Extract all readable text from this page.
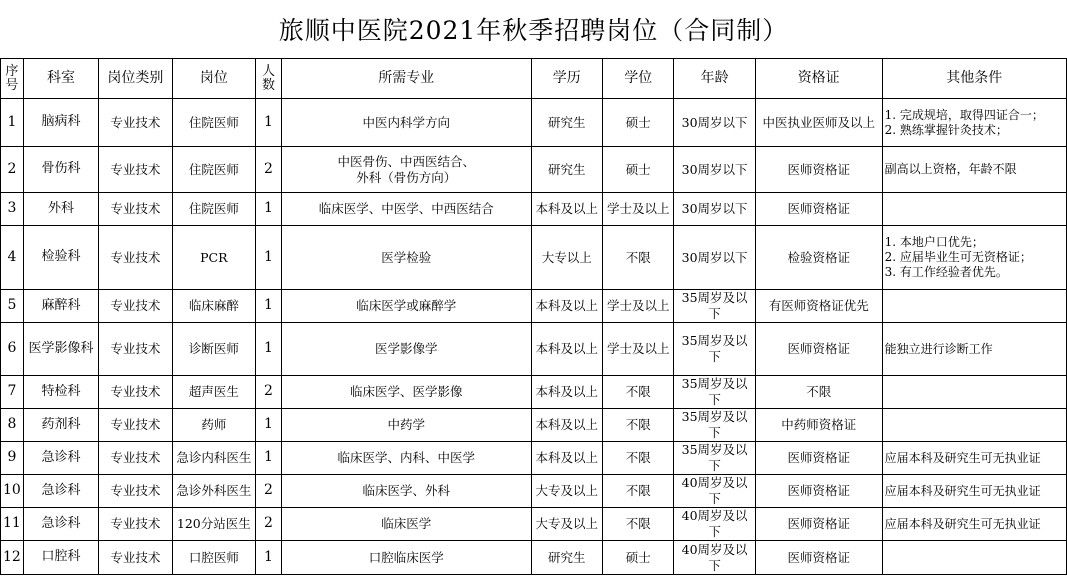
旅顺中医院2021年秋季招聘岗位（合同制）
序
号	科室	岗位类别	岗位	人
数	所需专业	学历	学位	年龄	资格证	其他条件
1	脑病科	专业技术	住院医师	1	中医内科学方向	研究生	硕士	30周岁以下	中医执业医师及以上	1. 完成规培，取得四证合一；
2. 熟练掌握针灸技术；
2	骨伤科	专业技术	住院医师	2	中医骨伤、中西医结合、
外科（骨伤方向）	研究生	硕士	30周岁以下	医师资格证	副高以上资格，年龄不限
3	外科	专业技术	住院医师	1	临床医学、中医学、中西医结合	本科及以上	学士及以上	30周岁以下	医师资格证	
4	检验科	专业技术	PCR	1	医学检验	大专以上	不限	30周岁以下	检验资格证	1. 本地户口优先；
2. 应届毕业生可无资格证；
3. 有工作经验者优先。
5	麻醉科	专业技术	临床麻醉	1	临床医学或麻醉学	本科及以上	学士及以上	35周岁及以下	有医师资格证优先	
6	医学影像科	专业技术	诊断医师	1	医学影像学	本科及以上	学士及以上	35周岁及以下	医师资格证	能独立进行诊断工作
7	特检科	专业技术	超声医生	2	临床医学、医学影像	本科及以上	不限	35周岁及以下	不限	
8	药剂科	专业技术	药师	1	中药学	本科及以上	不限	35周岁及以下	中药师资格证	
9	急诊科	专业技术	急诊内科医生	1	临床医学、内科、中医学	本科及以上	不限	35周岁及以下	医师资格证	应届本科及研究生可无执业证
10	急诊科	专业技术	急诊外科医生	2	临床医学、外科	大专及以上	不限	40周岁及以下	医师资格证	应届本科及研究生可无执业证
11	急诊科	专业技术	120分站医生	2	临床医学	大专及以上	不限	40周岁及以下	医师资格证	应届本科及研究生可无执业证
12	口腔科	专业技术	口腔医师	1	口腔临床医学	研究生	硕士	40周岁及以下	医师资格证	
